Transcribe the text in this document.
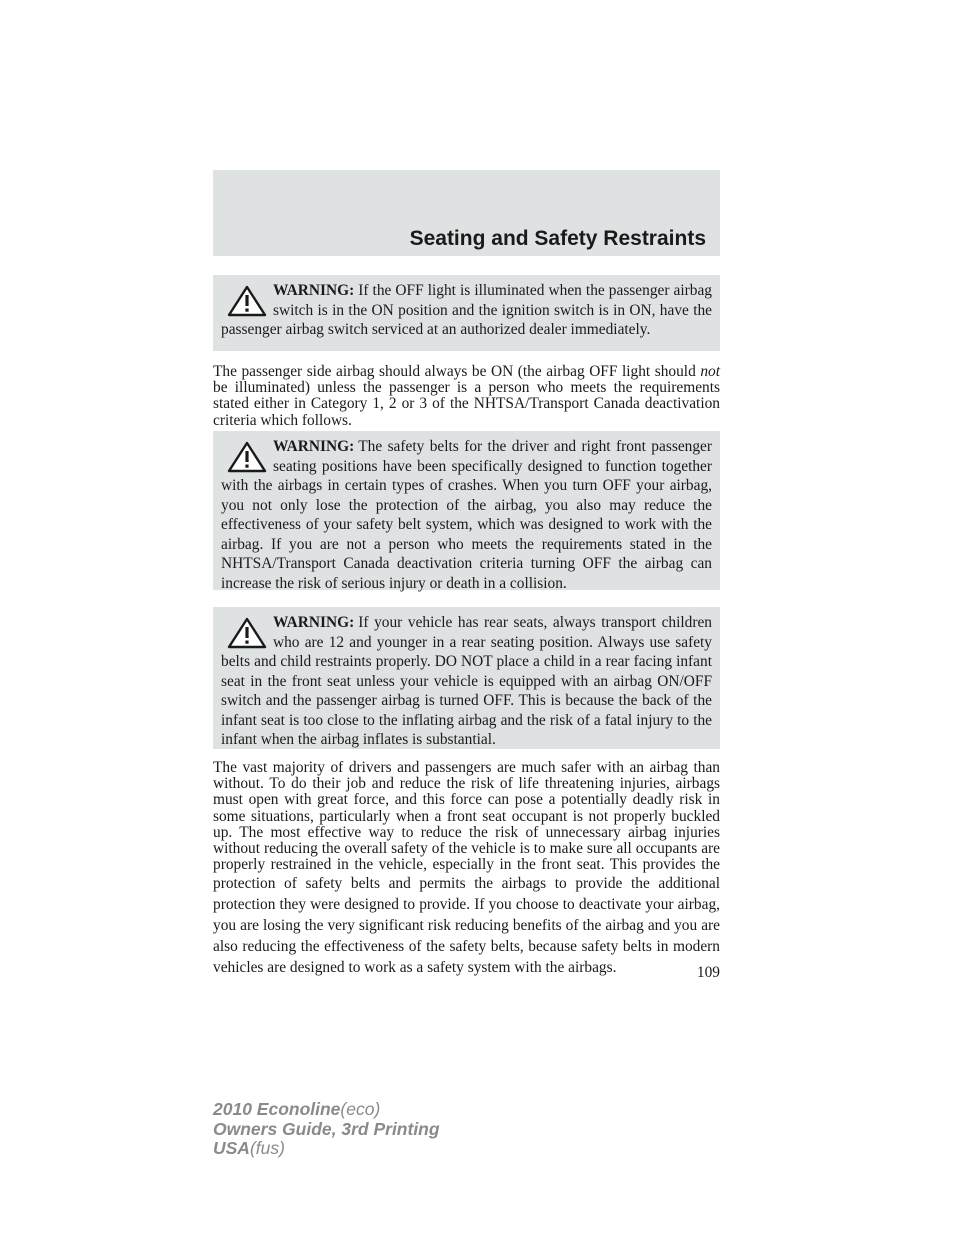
Seating and Safety Restraints
WARNING: If the OFF light is illuminated when the passenger airbag switch is in the ON position and the ignition switch is in ON, have the passenger airbag switch serviced at an authorized dealer immediately.

The passenger side airbag should always be ON (the airbag OFF light should not be illuminated) unless the passenger is a person who meets the requirements stated either in Category 1, 2 or 3 of the NHTSA/Transport Canada deactivation criteria which follows.

WARNING: The safety belts for the driver and right front passenger seating positions have been specifically designed to function together with the airbags in certain types of crashes. When you turn OFF your airbag, you not only lose the protection of the airbag, you also may reduce the effectiveness of your safety belt system, which was designed to work with the airbag. If you are not a person who meets the requirements stated in the NHTSA/Transport Canada deactivation criteria turning OFF the airbag can increase the risk of serious injury or death in a collision.
WARNING: If your vehicle has rear seats, always transport children who are 12 and younger in a rear seating position. Always use safety belts and child restraints properly. DO NOT place a child in a rear facing infant seat in the front seat unless your vehicle is equipped with an airbag ON/OFF switch and the passenger airbag is turned OFF. This is because the back of the infant seat is too close to the inflating airbag and the risk of a fatal injury to the infant when the airbag inflates is substantial.

The vast majority of drivers and passengers are much safer with an airbag than without. To do their job and reduce the risk of life threatening injuries, airbags must open with great force, and this force can pose a potentially deadly risk in some situations, particularly when a front seat occupant is not properly buckled up. The most effective way to reduce the risk of unnecessary airbag injuries without reducing the overall safety of the vehicle is to make sure all occupants are properly restrained in the vehicle, especially in the front seat. This provides the protection of safety belts and permits the airbags to provide the additional protection they were designed to provide. If you choose to deactivate your airbag, you are losing the very significant risk reducing benefits of the airbag and you are also reducing the effectiveness of the safety belts, because safety belts in modern vehicles are designed to work as a safety system with the airbags.	109
2010 Econoline(eco)
Owners Guide, 3rd Printing
USA(fus)
